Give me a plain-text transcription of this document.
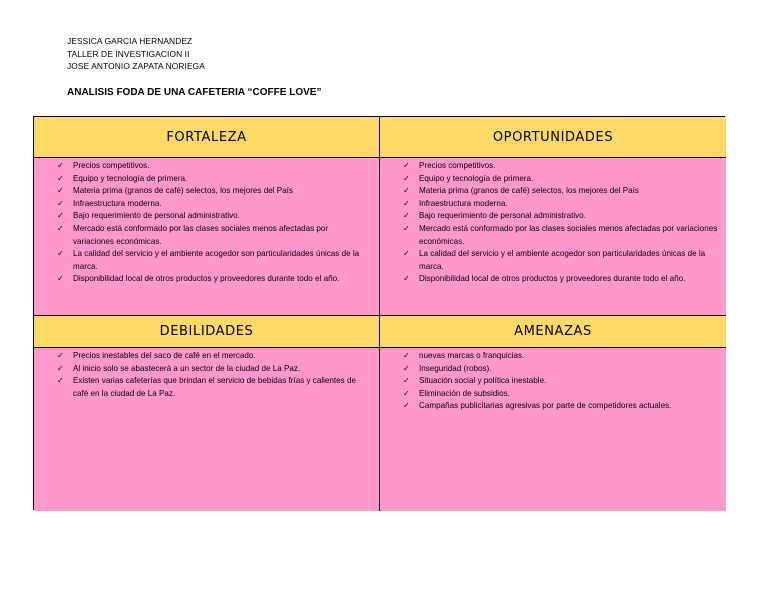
JESSICA GARCIA HERNANDEZ
TALLER DE INVESTIGACION II
JOSE ANTONIO ZAPATA NORIEGA
ANALISIS FODA DE UNA CAFETERIA “COFFE LOVE”
FORTALEZA	OPORTUNIDADES
✓ Precios competitivos.
✓ Equipo y tecnología de primera.
✓ Materia prima (granos de café) selectos, los mejores del País
✓ Infraestructura moderna.
✓ Bajo requerimiento de personal administrativo.
✓ Mercado está conformado por las clases sociales menos afectadas por variaciones económicas.
✓ La calidad del servicio y el ambiente acogedor son particularidades únicas de la marca.
✓ Disponibilidad local de otros productos y proveedores durante todo el año.
✓ Precios competitivos.
✓ Equipo y tecnología de primera.
✓ Materia prima (granos de café) selectos, los mejores del País
✓ Infraestructura moderna.
✓ Bajo requerimiento de personal administrativo.
✓ Mercado está conformado por las clases sociales menos afectadas por variaciones económicas.
✓ La calidad del servicio y el ambiente acogedor son particularidades únicas de la marca.
✓ Disponibilidad local de otros productos y proveedores durante todo el año.
DEBILIDADES	AMENAZAS
✓ Precios inestables del saco de café en el mercado.
✓ Al inicio solo se abastecerá a un sector de la ciudad de La Paz.
✓ Existen varias cafeterías que brindan el servicio de bebidas frías y calientes de café en la ciudad de La Paz.
✓ nuevas marcas o franquicias.
✓ Inseguridad (robos).
✓ Situación social y política inestable.
✓ Eliminación de subsidios.
✓ Campañas publicitarias agresivas por parte de competidores actuales.
